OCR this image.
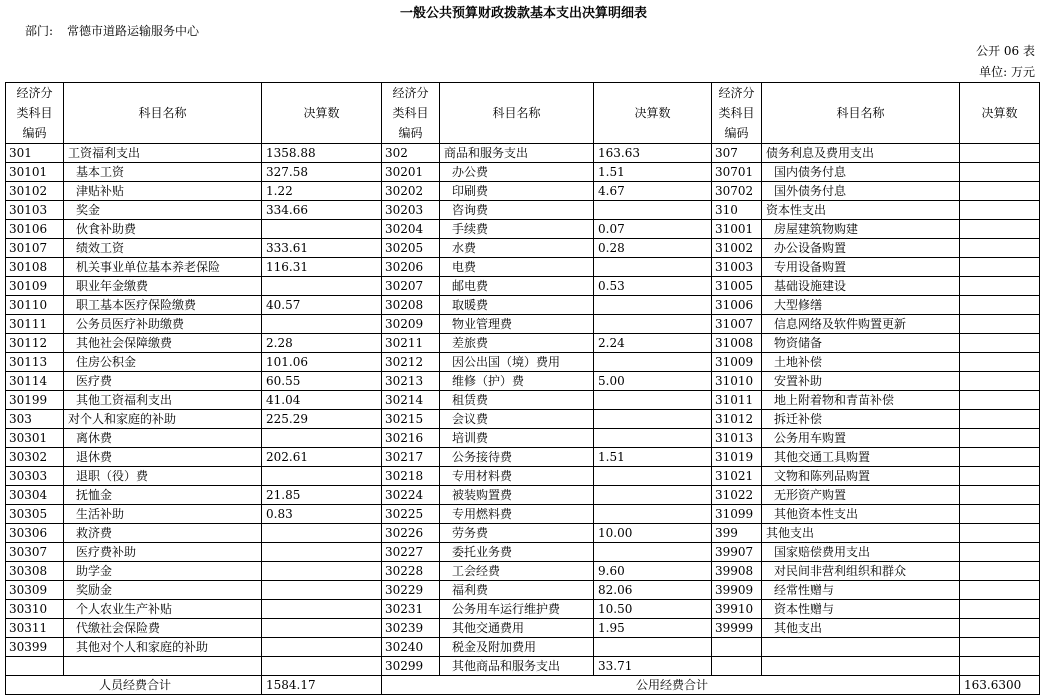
一般公共预算财政拨款基本支出决算明细表
部门: 常德市道路运输服务中心
公开 06 表
单位: 万元
经济分
类科目
编码	科目名称	决算数	经济分
类科目
编码	科目名称	决算数	经济分
类科目
编码	科目名称	决算数
301	工资福利支出	1358.88	302	商品和服务支出	163.63	307	债务利息及费用支出	
30101	基本工资	327.58	30201	办公费	1.51	30701	国内债务付息	
30102	津贴补贴	1.22	30202	印刷费	4.67	30702	国外债务付息	
30103	奖金	334.66	30203	咨询费		310	资本性支出	
30106	伙食补助费		30204	手续费	0.07	31001	房屋建筑物购建	
30107	绩效工资	333.61	30205	水费	0.28	31002	办公设备购置	
30108	机关事业单位基本养老保险	116.31	30206	电费		31003	专用设备购置	
30109	职业年金缴费		30207	邮电费	0.53	31005	基础设施建设	
30110	职工基本医疗保险缴费	40.57	30208	取暖费		31006	大型修缮	
30111	公务员医疗补助缴费		30209	物业管理费		31007	信息网络及软件购置更新	
30112	其他社会保障缴费	2.28	30211	差旅费	2.24	31008	物资储备	
30113	住房公积金	101.06	30212	因公出国（境）费用		31009	土地补偿	
30114	医疗费	60.55	30213	维修（护）费	5.00	31010	安置补助	
30199	其他工资福利支出	41.04	30214	租赁费		31011	地上附着物和青苗补偿	
303	对个人和家庭的补助	225.29	30215	会议费		31012	拆迁补偿	
30301	离休费		30216	培训费		31013	公务用车购置	
30302	退休费	202.61	30217	公务接待费	1.51	31019	其他交通工具购置	
30303	退职（役）费		30218	专用材料费		31021	文物和陈列品购置	
30304	抚恤金	21.85	30224	被装购置费		31022	无形资产购置	
30305	生活补助	0.83	30225	专用燃料费		31099	其他资本性支出	
30306	救济费		30226	劳务费	10.00	399	其他支出	
30307	医疗费补助		30227	委托业务费		39907	国家赔偿费用支出	
30308	助学金		30228	工会经费	9.60	39908	对民间非营利组织和群众	
30309	奖励金		30229	福利费	82.06	39909	经常性赠与	
30310	个人农业生产补贴		30231	公务用车运行维护费	10.50	39910	资本性赠与	
30311	代缴社会保险费		30239	其他交通费用	1.95	39999	其他支出	
30399	其他对个人和家庭的补助		30240	税金及附加费用				
			30299	其他商品和服务支出	33.71			
人员经费合计		1584.17	公用经费合计					163.6300
